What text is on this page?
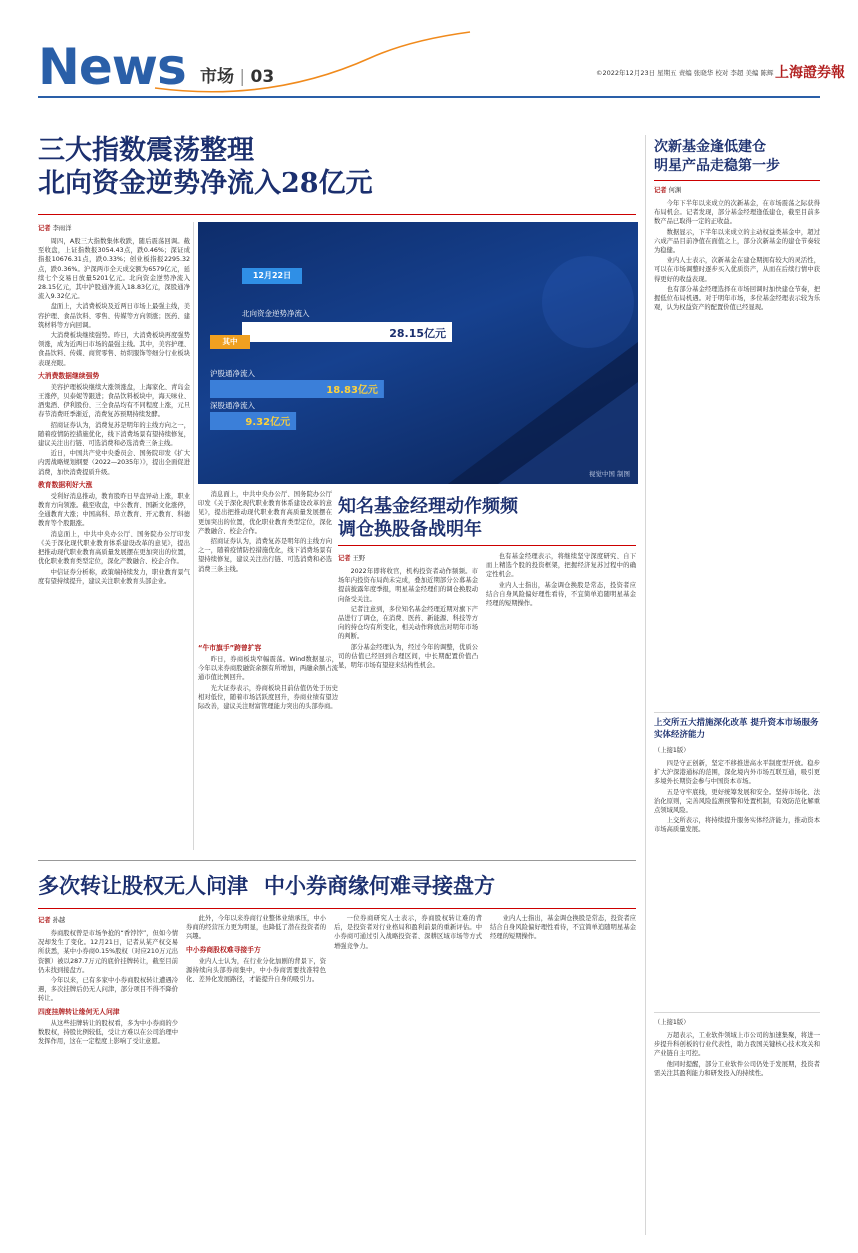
News 市场 | 03	©2022年12月23日 星期五 责编 张晓华 校对 李超 美编 陈辉 上海證券報
三大指数震荡整理
北向资金逆势净流入28亿元
记者 李雨洋

周四，A股三大指数集体收跌，随后震荡回调。截至收盘，上证指数报3054.43点，跌0.46%；深证成指报10676.31点，跌0.33%；创业板指报2295.32点，跌0.36%。沪深两市全天成交额为6579亿元，延续七个交易日放量5201亿元。北向资金逆势净流入28.15亿元，其中沪股通净流入18.83亿元，深股通净流入9.32亿元。

盘面上，大消费板块及近两日市场上最强主线，美容护理、食品饮料、零售、传媒等方向领涨；医药、建筑材料等方向回调。

大消费板块继续强势。昨日，大消费板块再度强势领涨，成为近两日市场的最强主线。其中，美容护理、食品饮料、传媒、商贸零售、纺织服饰等细分行业板块表现亮眼。

大消费数据继续强势

美容护理板块继续大涨领涨盘，上海家化、青岛金王涨停，贝泰妮等跟进；食品饮料板块中，海天味业、酒鬼酒、伊利股份、三全食品均有不同程度上涨，元旦春节消费旺季渐近，消费复苏预期持续发酵。

招商证券认为，消费复苏是明年的主线方向之一，随着疫情防控措施优化，线下消费场景有望持续修复，建议关注出行链、可选消费和必选消费三条主线。

近日，中国共产党中央委员会、国务院印发《扩大内需战略规划纲要（2022—2035年）》，提出全面促进消费，加快消费提质升级。

教育数据利好大涨

受利好消息推动，教育股昨日早盘异动上涨，职业教育方向领涨。截至收盘，中公教育、国新文化涨停，全通教育大涨；中国高科、昂立教育、开元教育、科德教育等个股跟涨。

消息面上，中共中央办公厅、国务院办公厅印发《关于深化现代职业教育体系建设改革的意见》，提出把推动现代职业教育高质量发展摆在更加突出的位置，优化职业教育类型定位，深化产教融合、校企合作。

中信证券分析称，政策端持续发力，职业教育景气度有望持续提升，建议关注职业教育头部企业。

“牛市旗手”跨曾扩容

昨日，券商板块窄幅震荡。Wind数据显示，今年以来券商股融资余额有所增加，两融余额占流通市值比例回升。

光大证券表示，券商板块目前估值仍处于历史相对低位，随着市场活跃度回升，券商业绩有望边际改善，建议关注财富管理能力突出的头部券商。

28.15亿元
18.83亿元
9.32亿元
12月22日
北向资金逆势净流入
其中
沪股通净流入
深股通净流入
视觉中国 制图
知名基金经理动作频频
调仓换股备战明年
记者 王野

2022年即将收官，机构投资者动作频频。市场年内投资布局尚未完成，叠加近期部分公募基金提前披露年度季报，明星基金经理们的调仓换股动向备受关注。

记者注意到，多位知名基金经理近期对旗下产品进行了调仓，在消费、医药、新能源、科技等方向的持仓均有所变化，相关动作释放出对明年市场的判断。

部分基金经理认为，经过今年的调整，优质公司的估值已经回到合理区间，中长期配置价值凸显，明年市场有望迎来结构性机会。

也有基金经理表示，将继续坚守深度研究、自下而上精选个股的投资框架，把握经济复苏过程中的确定性机会。

业内人士指出，基金调仓换股是常态，投资者应结合自身风险偏好理性看待，不宜简单追随明星基金经理的短期操作。

消息面上，中共中央办公厅、国务院办公厅印发《关于深化现代职业教育体系建设改革的意见》，提出把推动现代职业教育高质量发展摆在更加突出的位置，优化职业教育类型定位，深化产教融合、校企合作。

招商证券认为，消费复苏是明年的主线方向之一，随着疫情防控措施优化，线下消费场景有望持续修复，建议关注出行链、可选消费和必选消费三条主线。

次新基金逢低建仓
明星产品走稳第一步
记者 何渊

今年下半年以来成立的次新基金，在市场震荡之际获得布局机会。记者发现，部分基金经理逢低建仓，截至目前多数产品已取得一定的正收益。

数据显示，下半年以来成立的主动权益类基金中，超过六成产品目前净值在面值之上，部分次新基金的建仓节奏较为稳健。

业内人士表示，次新基金在建仓期拥有较大的灵活性，可以在市场调整时逐步买入优质资产，从而在后续行情中获得更好的收益表现。

也有部分基金经理选择在市场回调时加快建仓节奏，把握低位布局机遇。对于明年市场，多位基金经理表示较为乐观，认为权益资产的配置价值已经显现。

上交所五大措施深化改革 提升资本市场服务实体经济能力
（上接1版）

四是守正创新，坚定不移推进高水平制度型开放。稳步扩大沪深港通标的范围，深化境内外市场互联互通，吸引更多境外长期资金参与中国资本市场。

五是守牢底线，更好统筹发展和安全。坚持市场化、法治化原则，完善风险监测预警和处置机制，有效防范化解重点领域风险。

上交所表示，将持续提升服务实体经济能力，推动资本市场高质量发展。

（上接1版）

万超表示，工业软件领域上市公司的加速集聚，将进一步提升科创板的行业代表性，助力我国关键核心技术攻关和产业链自主可控。

他同时提醒，部分工业软件公司仍处于发展期，投资者需关注其盈利能力和研发投入的持续性。

多次转让股权无人问津 中小券商缘何难寻接盘方
记者 孙越

券商股权曾是市场争抢的“香饽饽”，但如今情况却发生了变化。12月21日，记者从某产权交易所获悉，某中小券商0.15%股权（对应210万元出资额）被以287.7万元的底价挂牌转让，截至目前仍未找到接盘方。

今年以来，已有多家中小券商股权转让遭遇冷遇，多次挂牌后仍无人问津，部分项目不得不降价转让。

四度挂牌转让缘何无人问津

从这些挂牌转让的股权看，多为中小券商的少数股权，持股比例较低，受让方难以在公司治理中发挥作用，这在一定程度上影响了受让意愿。

此外，今年以来券商行业整体业绩承压，中小券商的经营压力更为明显，也降低了潜在投资者的兴趣。

中小券商股权难寻接手方

业内人士认为，在行业分化加剧的背景下，资源持续向头部券商集中，中小券商需要找准特色化、差异化发展路径，才能提升自身的吸引力。

一位券商研究人士表示，券商股权转让难的背后，是投资者对行业格局和盈利前景的重新评估。中小券商可通过引入战略投资者、深耕区域市场等方式增强竞争力。

业内人士指出，基金调仓换股是常态，投资者应结合自身风险偏好理性看待，不宜简单追随明星基金经理的短期操作。
